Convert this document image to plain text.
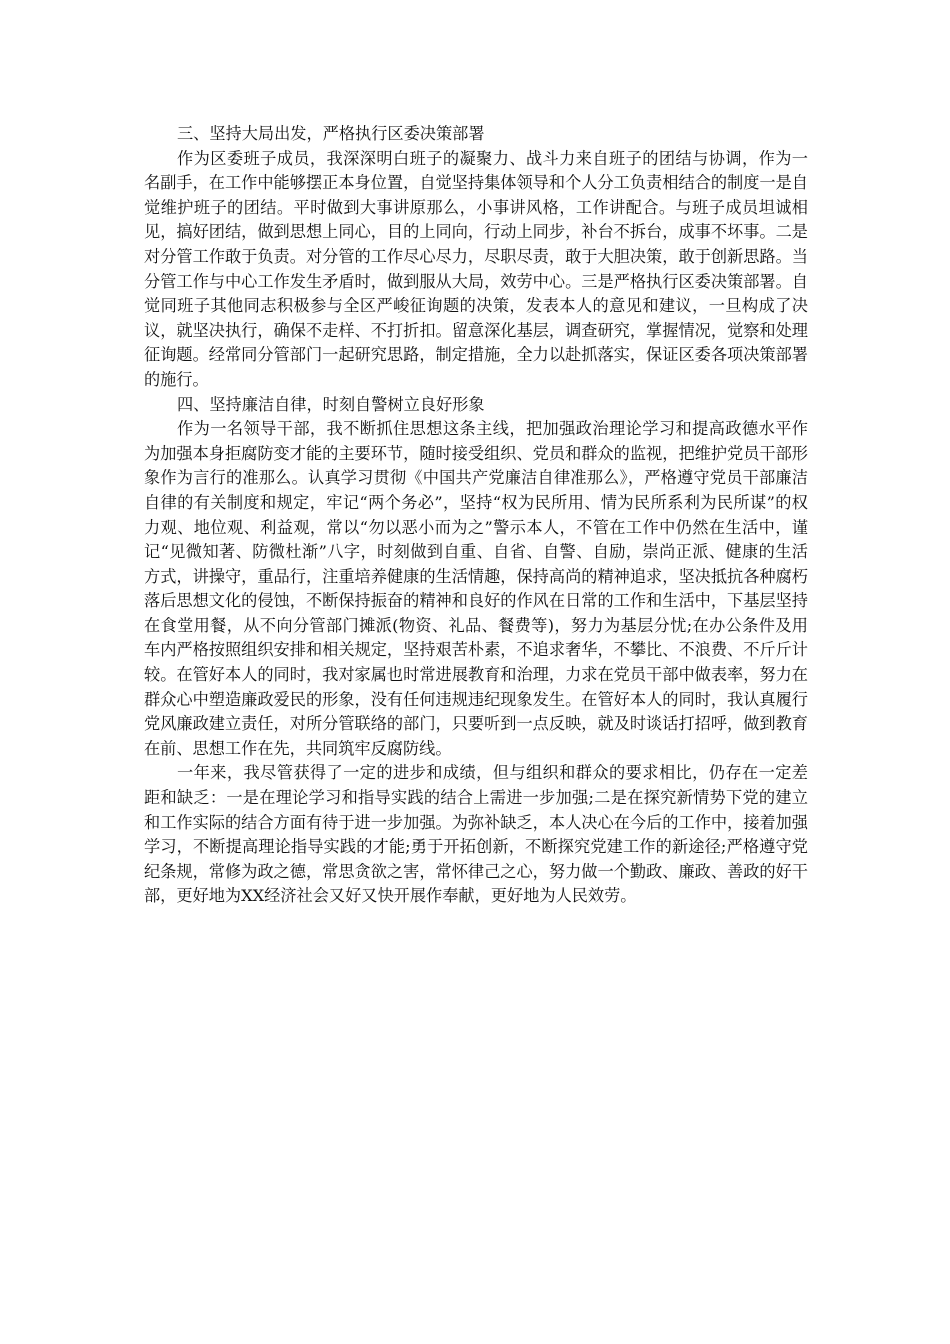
三、坚持大局出发，严格执行区委决策部署

作为区委班子成员，我深深明白班子的凝聚力、战斗力来自班子的团结与协调，作为一名副手，在工作中能够摆正本身位置，自觉坚持集体领导和个人分工负责相结合的制度一是自觉维护班子的团结。平时做到大事讲原那么，小事讲风格，工作讲配合。与班子成员坦诚相见，搞好团结，做到思想上同心，目的上同向，行动上同步，补台不拆台，成事不坏事。二是对分管工作敢于负责。对分管的工作尽心尽力，尽职尽责，敢于大胆决策，敢于创新思路。当分管工作与中心工作发生矛盾时，做到服从大局，效劳中心。三是严格执行区委决策部署。自觉同班子其他同志积极参与全区严峻征询题的决策，发表本人的意见和建议，一旦构成了决议，就坚决执行，确保不走样、不打折扣。留意深化基层，调查研究，掌握情况，觉察和处理征询题。经常同分管部门一起研究思路，制定措施，全力以赴抓落实，保证区委各项决策部署的施行。

四、坚持廉洁自律，时刻自警树立良好形象

作为一名领导干部，我不断抓住思想这条主线，把加强政治理论学习和提高政德水平作为加强本身拒腐防变才能的主要环节，随时接受组织、党员和群众的监视，把维护党员干部形象作为言行的准那么。认真学习贯彻《中国共产党廉洁自律准那么》，严格遵守党员干部廉洁自律的有关制度和规定，牢记“两个务必”，坚持“权为民所用、情为民所系利为民所谋”的权力观、地位观、利益观，常以“勿以恶小而为之”警示本人，不管在工作中仍然在生活中，谨记“见微知著、防微杜渐”八字，时刻做到自重、自省、自警、自励，崇尚正派、健康的生活方式，讲操守，重品行，注重培养健康的生活情趣，保持高尚的精神追求，坚决抵抗各种腐朽落后思想文化的侵蚀，不断保持振奋的精神和良好的作风在日常的工作和生活中，下基层坚持在食堂用餐，从不向分管部门摊派(物资、礼品、餐费等)，努力为基层分忧;在办公条件及用车内严格按照组织安排和相关规定，坚持艰苦朴素，不追求奢华，不攀比、不浪费、不斤斤计较。在管好本人的同时，我对家属也时常进展教育和治理，力求在党员干部中做表率，努力在群众心中塑造廉政爱民的形象，没有任何违规违纪现象发生。在管好本人的同时，我认真履行党风廉政建立责任，对所分管联络的部门，只要听到一点反映，就及时谈话打招呼，做到教育在前、思想工作在先，共同筑牢反腐防线。

一年来，我尽管获得了一定的进步和成绩，但与组织和群众的要求相比，仍存在一定差距和缺乏：一是在理论学习和指导实践的结合上需进一步加强;二是在探究新情势下党的建立和工作实际的结合方面有待于进一步加强。为弥补缺乏，本人决心在今后的工作中，接着加强学习，不断提高理论指导实践的才能;勇于开拓创新，不断探究党建工作的新途径;严格遵守党纪条规，常修为政之德，常思贪欲之害，常怀律己之心，努力做一个勤政、廉政、善政的好干部，更好地为XX经济社会又好又快开展作奉献，更好地为人民效劳。
